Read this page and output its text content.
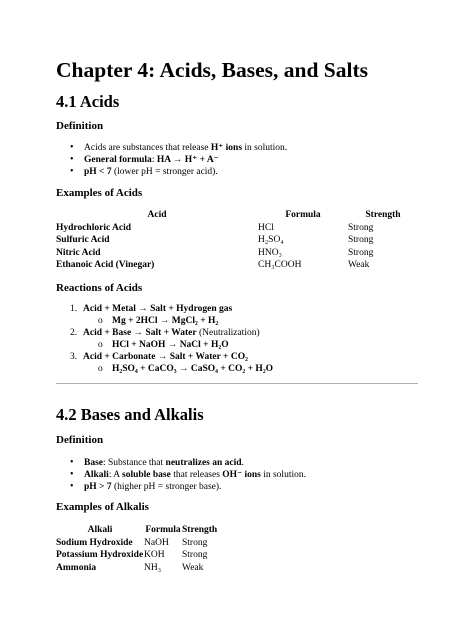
Chapter 4: Acids, Bases, and Salts
4.1 Acids
Definition
• Acids are substances that release H⁺ ions in solution.
• General formula: HA → H⁺ + A⁻
• pH < 7 (lower pH = stronger acid).
Examples of Acids
Acid	Formula	Strength
Hydrochloric Acid	HCl	Strong
Sulfuric Acid	H₂SO₄	Strong
Nitric Acid	HNO₃	Strong
Ethanoic Acid (Vinegar)	CH₃COOH	Weak
Reactions of Acids
1. Acid + Metal → Salt + Hydrogen gas
o Mg + 2HCl → MgCl₂ + H₂
2. Acid + Base → Salt + Water (Neutralization)
o HCl + NaOH → NaCl + H₂O
3. Acid + Carbonate → Salt + Water + CO₂
o H₂SO₄ + CaCO₃ → CaSO₄ + CO₂ + H₂O
4.2 Bases and Alkalis
Definition
• Base: Substance that neutralizes an acid.
• Alkali: A soluble base that releases OH⁻ ions in solution.
• pH > 7 (higher pH = stronger base).
Examples of Alkalis
Alkali	Formula	Strength
Sodium Hydroxide	NaOH	Strong
Potassium Hydroxide	KOH	Strong
Ammonia	NH₃	Weak
